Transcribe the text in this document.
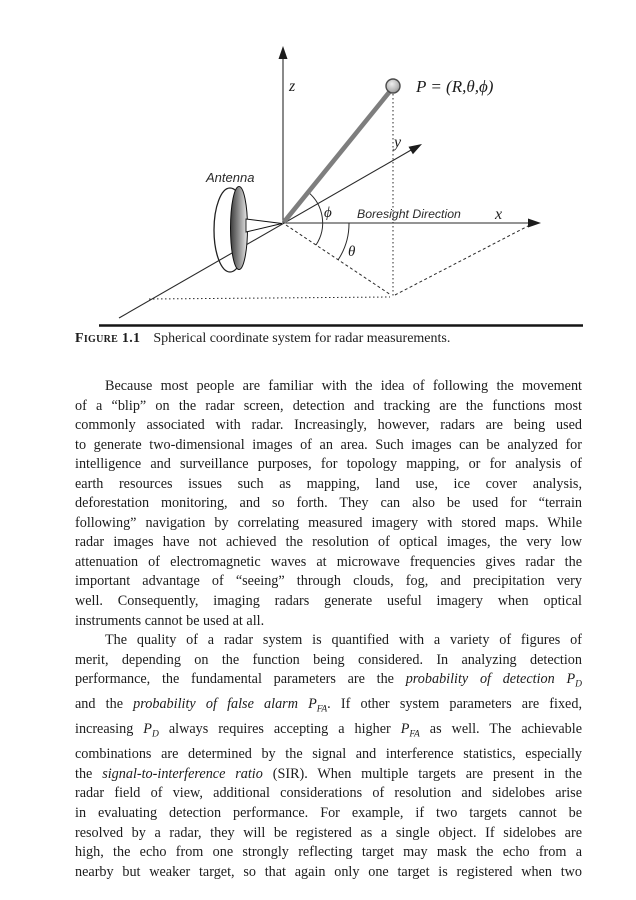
z
y
x
P = (R,θ,ϕ)
Antenna
Boresight Direction
ϕ
θ
Figure 1.1 Spherical coordinate system for radar measurements.
Because most people are familiar with the idea of following the movement
of a “blip” on the radar screen, detection and tracking are the functions most
commonly associated with radar. Increasingly, however, radars are being used
to generate two-dimensional images of an area. Such images can be analyzed for
intelligence and surveillance purposes, for topology mapping, or for analysis of
earth resources issues such as mapping, land use, ice cover analysis,
deforestation monitoring, and so forth. They can also be used for “terrain
following” navigation by correlating measured imagery with stored maps. While
radar images have not achieved the resolution of optical images, the very low
attenuation of electromagnetic waves at microwave frequencies gives radar the
important advantage of “seeing” through clouds, fog, and precipitation very
well. Consequently, imaging radars generate useful imagery when optical
instruments cannot be used at all.
The quality of a radar system is quantified with a variety of figures of
merit, depending on the function being considered. In analyzing detection
performance, the fundamental parameters are the probability of detection $P_D$
and the probability of false alarm $P_{FA}$. If other system parameters are fixed,
increasing $P_D$ always requires accepting a higher $P_{FA}$ as well. The achievable
combinations are determined by the signal and interference statistics, especially
the signal-to-interference ratio (SIR). When multiple targets are present in the
radar field of view, additional considerations of resolution and sidelobes arise
in evaluating detection performance. For example, if two targets cannot be
resolved by a radar, they will be registered as a single object. If sidelobes are
high, the echo from one strongly reflecting target may mask the echo from a
nearby but weaker target, so that again only one target is registered when two
